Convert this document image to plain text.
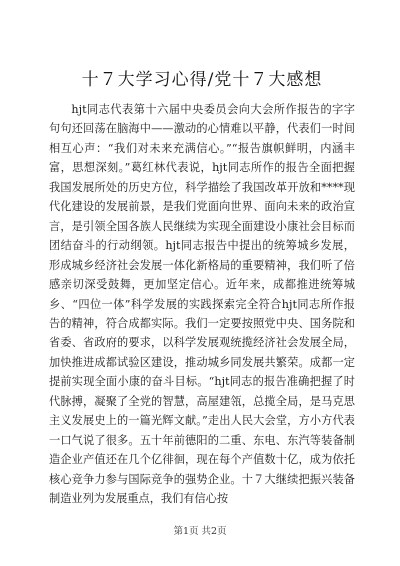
十７大学习心得/党十７大感想

hjt同志代表第十六届中央委员会向大会所作报告的字字句句还回荡在脑海中——激动的心情难以平静，代表们一时间相互心声：“我们对未来充满信心。”“报告旗帜鲜明，内涵丰富，思想深刻。”葛红林代表说，hjt同志所作的报告全面把握我国发展所处的历史方位，科学描绘了我国改革开放和****现代化建设的发展前景，是我们党面向世界、面向未来的政治宣言，是引领全国各族人民继续为实现全面建设小康社会目标而团结奋斗的行动纲领。hjt同志报告中提出的统筹城乡发展，形成城乡经济社会发展一体化新格局的重要精神，我们听了倍感亲切深受鼓舞，更加坚定信心。近年来，成都推进统筹城乡、“四位一体”科学发展的实践探索完全符合hjt同志所作报告的精神，符合成都实际。我们一定要按照党中央、国务院和省委、省政府的要求，以科学发展观统揽经济社会发展全局，加快推进成都试验区建设，推动城乡同发展共繁荣。成都一定提前实现全面小康的奋斗目标。“hjt同志的报告准确把握了时代脉搏，凝聚了全党的智慧，高屋建瓴，总揽全局，是马克思主义发展史上的一篇光辉文献。”走出人民大会堂，方小方代表一口气说了很多。五十年前德阳的二重、东电、东汽等装备制造企业产值还在几个亿徘徊，现在每个产值数十亿，成为依托核心竞争力参与国际竞争的强势企业。十７大继续把振兴装备制造业列为发展重点，我们有信心按

第1页 共2页
